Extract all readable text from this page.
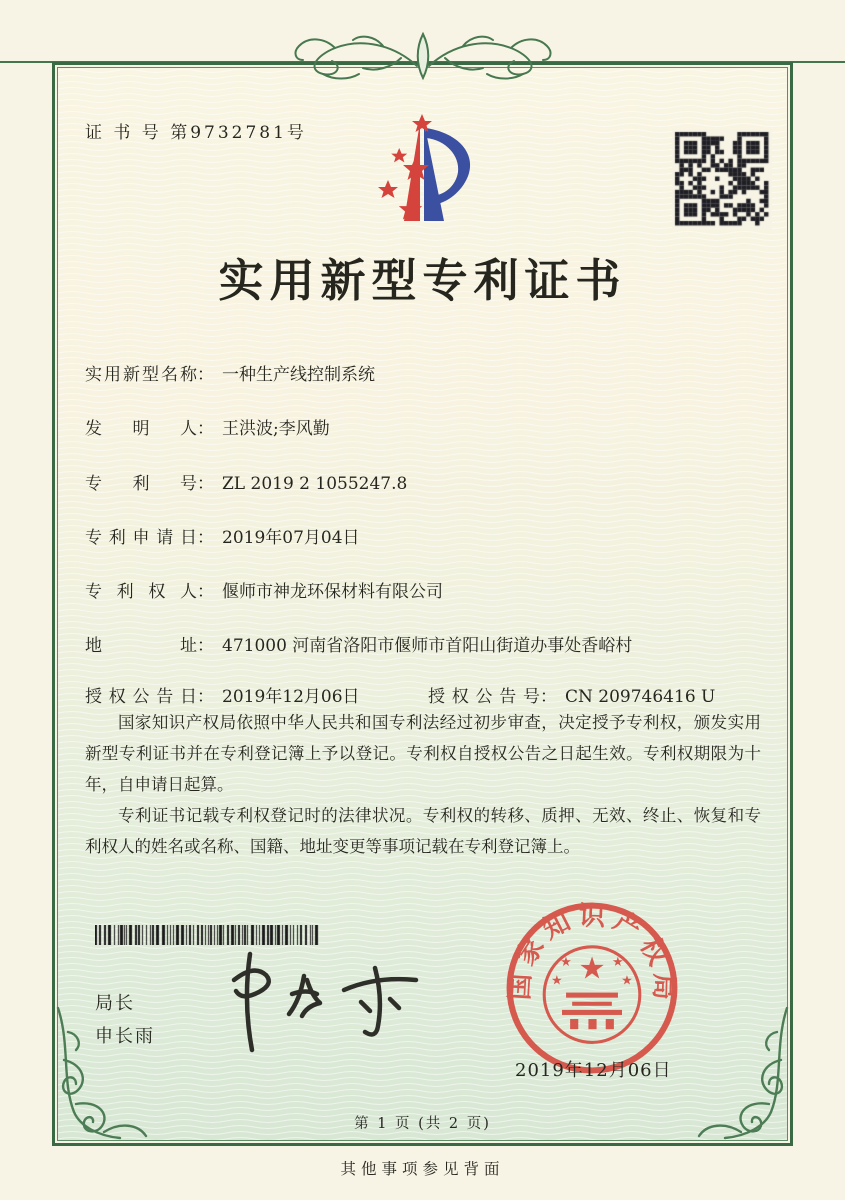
证 书 号 第9732781号
实用新型专利证书
实用新型名称： 一种生产线控制系统
发明人： 王洪波;李风勤
专利号： ZL 2019 2 1055247.8
专利申请日： 2019年07月04日
专利权人： 偃师市神龙环保材料有限公司
地址： 471000 河南省洛阳市偃师市首阳山街道办事处香峪村
授权公告日： 2019年12月06日	授权公告号： CN 209746416 U

国家知识产权局依照中华人民共和国专利法经过初步审查，决定授予专利权，颁发实用新型专利证书并在专利登记簿上予以登记。专利权自授权公告之日起生效。专利权期限为十年，自申请日起算。

专利证书记载专利权登记时的法律状况。专利权的转移、质押、无效、终止、恢复和专利权人的姓名或名称、国籍、地址变更等事项记载在专利登记簿上。

局长
申长雨
国家知识产权局
★
★	★
★	★
2019年12月06日
第 1 页 (共 2 页)
其他事项参见背面
